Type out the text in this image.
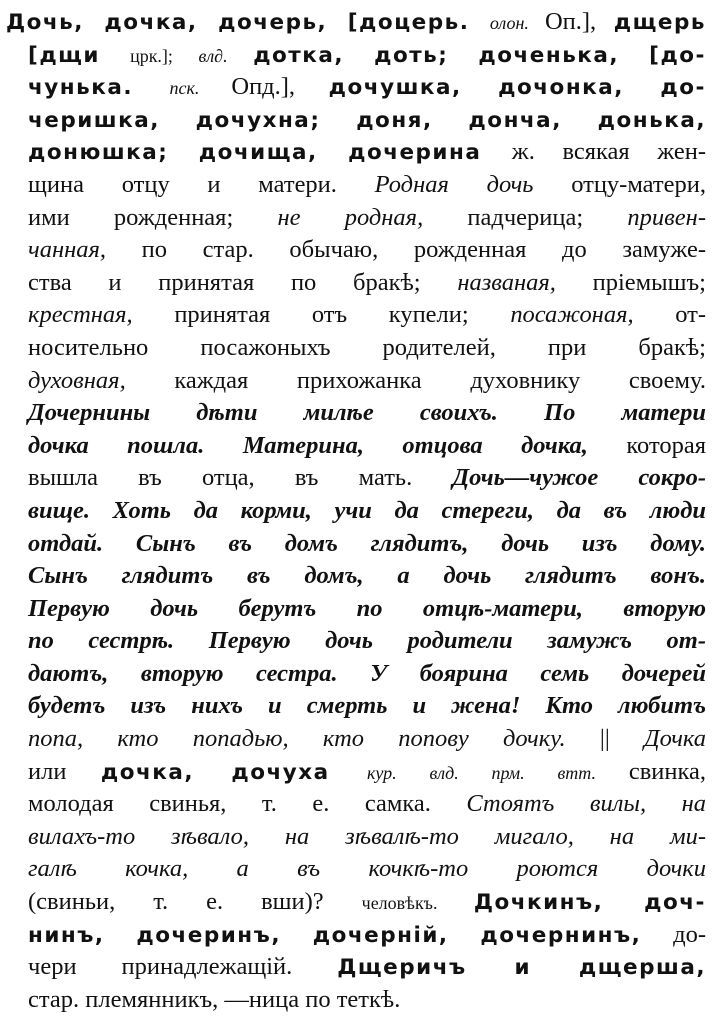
Дочь, дочка, дочерь, [доцерь. олон. Оп.], дщерь
[дщи црк.]; вл∂. дотка, доть; доченька, [до-
чунька. пск. Опд.], дочушка, дочонка, до-
черишка, дочухна; доня, донча, донька,
донюшка; дочища, дочерина ж. всякая жен-
щина отцу и матери. Родная дочь отцу-матери,
ими рожденная; не родная, падчерица; привен-
чанная, по стар. обычаю, рожденная до замуже-
ства и принятая по бракѣ; названая, пріемышъ;
крестная, принятая отъ купели; посажоная, от-
носительно посажоныхъ родителей, при бракѣ;
духовная, каждая прихожанка духовнику своему.
Дочернины дѣти милѣе своихъ. По матери
дочка пошла. Материна, отцова дочка, которая
вышла въ отца, въ мать. Дочь—чужое сокро-
вище. Хоть да корми, учи да стереги, да въ люди
отдай. Сынъ въ домъ глядитъ, дочь изъ дому.
Сынъ глядитъ въ домъ, а дочь глядитъ вонъ.
Первую дочь берутъ по отцѣ-матери, вторую
по сестрѣ. Первую дочь родители замужъ от-
даютъ, вторую сестра. У боярина семь дочерей
будетъ изъ нихъ и смерть и жена! Кто любитъ
попа, кто попадью, кто попову дочку. || Дочка
или дочка, дочуха кур. влд. прм. втт. свинка,
молодая свинья, т. е. самка. Стоятъ вилы, на
вилахъ-то зѣвало, на зѣвалѣ-то мигало, на ми-
галѣ кочка, а въ кочкѣ-то роются дочки
(свиньи, т. е. вши)? человѣкъ. Дочкинъ, доч-
нинъ, дочеринъ, дочерній, дочернинъ, до-
чери принадлежащій. Дщеричъ и дщерша,
стар. племянникъ, —ница по теткѣ.
